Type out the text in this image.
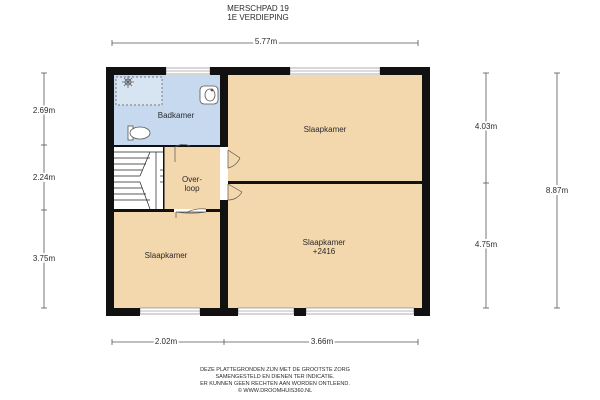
MERSCHPAD 19
1E VERDIEPING
5.77m
2.69m
2.24m
3.75m
4.03m
4.75m
8.87m
2.02m	3.66m
Badkamer
Slaapkamer
Over-
loop
Slaapkamer
Slaapkamer
+2416
DEZE PLATTEGRONDEN ZIJN MET DE GROOTSTE ZORG
SAMENGESTELD EN DIENEN TER INDICATIE.
ER KUNNEN GEEN RECHTEN AAN WORDEN ONTLEEND.
© WWW.DROOMHUIS360.NL
